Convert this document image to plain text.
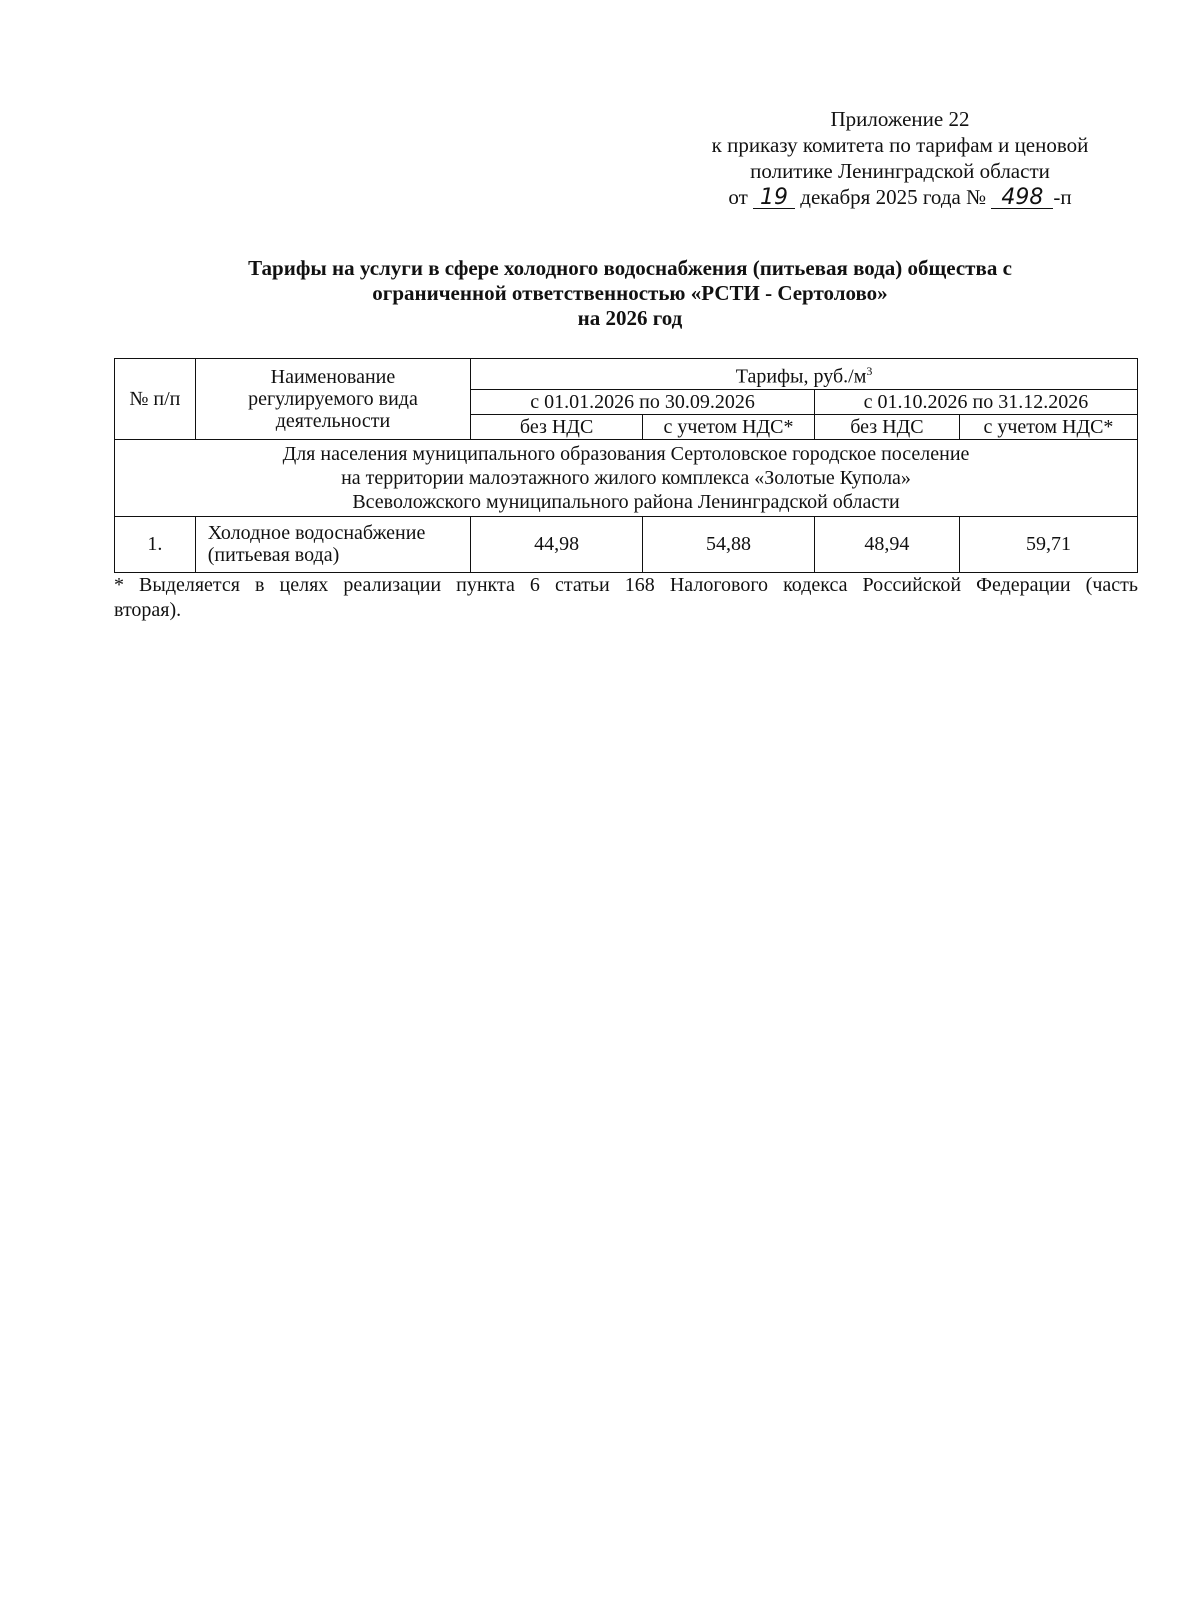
Приложение 22
к приказу комитета по тарифам и ценовой
политике Ленинградской области
от 19 декабря 2025 года № 498 -п
Тарифы на услуги в сфере холодного водоснабжения (питьевая вода) общества с
ограниченной ответственностью «РСТИ - Сертолово»
на 2026 год
№ п/п	Наименование регулируемого вида деятельности	Тарифы, $руб./м^3$
		с 01.01.2026 по 30.09.2026		с 01.10.2026 по 31.12.2026	
		без НДС	с учетом НДС*	без НДС	с учетом НДС*

Для населения муниципального образования Сертоловское городское поселение
на территории малоэтажного жилого комплекса «Золотые Купола»
Всеволожского муниципального района Ленинградской области					

1.	Холодное водоснабжение (питьевая вода)	44,98	54,88	48,94	59,71
* Выделяется в целях реализации пункта 6 статьи 168 Налогового кодекса Российской Федерации (часть
вторая).
